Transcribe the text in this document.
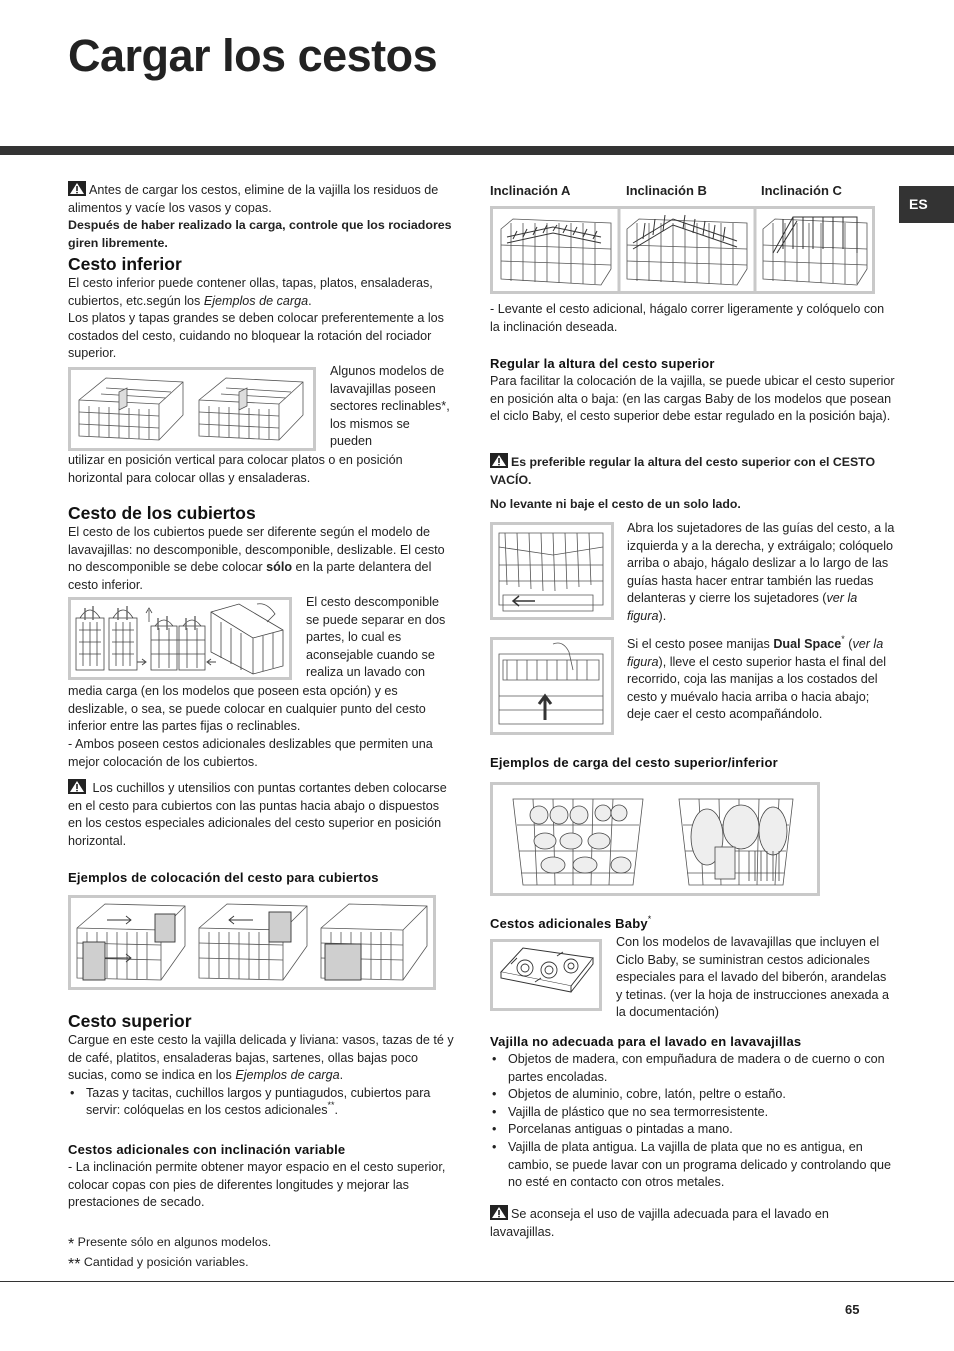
Cargar los cestos
ES

Antes de cargar los cestos, elimine de la vajilla los residuos de alimentos y vacíe los vasos y copas.

Después de haber realizado la carga, controle que los rociadores giren libremente.

Cesto inferior

El cesto inferior puede contener ollas, tapas, platos, ensaladeras, cubiertos, etc.según los Ejemplos de carga.

Los platos y tapas grandes se deben colocar preferentemente a los costados del cesto, cuidando no bloquear la rotación del rociador superior.

Algunos modelos de lavavajillas poseen sectores reclinables*, los mismos se pueden
utilizar en posición vertical para colocar platos o en posición horizontal para colocar ollas y ensaladeras.
Cesto de los cubiertos

El cesto de los cubiertos puede ser diferente según el modelo de lavavajillas: no descomponible, descomponible, deslizable. El cesto no descomponible se debe colocar sólo en la parte delantera del cesto inferior.

El cesto descomponible se puede separar en dos partes, lo cual es aconsejable cuando se realiza un lavado con
media carga (en los modelos que poseen esta opción) y es deslizable, o sea, se puede colocar en cualquier punto del cesto inferior entre las partes fijas o reclinables.
- Ambos poseen cestos adicionales deslizables que permiten una mejor colocación de los cubiertos.

Los cuchillos y utensilios con puntas cortantes deben colocarse en el cesto para cubiertos con las puntas hacia abajo o dispuestos en los cestos especiales adicionales del cesto superior en posición horizontal.

Ejemplos de colocación del cesto para cubiertos
Cesto superior

Cargue en este cesto la vajilla delicada y liviana: vasos, tazas de té y de café, platitos, ensaladeras bajas, sartenes, ollas bajas poco sucias, como se indica en los Ejemplos de carga.

• Tazas y tacitas, cuchillos largos y puntiagudos, cubiertos para servir: colóquelas en los cestos adicionales**.
Cestos adicionales con inclinación variable

- La inclinación permite obtener mayor espacio en el cesto superior, colocar copas con pies de diferentes longitudes y mejorar las prestaciones de secado.

* Presente sólo en algunos modelos.

** Cantidad y posición variables.

Inclinación A	Inclinación B	Inclinación C
- Levante el cesto adicional, hágalo correr ligeramente y colóquelo con la inclinación deseada.
Regular la altura del cesto superior

Para facilitar la colocación de la vajilla, se puede ubicar el cesto superior en posición alta o baja: (en las cargas Baby de los modelos que posean el ciclo Baby, el cesto superior debe estar regulado en la posición baja).

Es preferible regular la altura del cesto superior con el CESTO VACÍO.

No levante ni baje el cesto de un solo lado.
Abra los sujetadores de las guías del cesto, a la izquierda y a la derecha, y extráigalo; colóquelo arriba o abajo, hágalo deslizar a lo largo de las guías hasta hacer entrar también las ruedas delanteras y cierre los sujetadores (ver la figura).
Si el cesto posee manijas Dual Space* (ver la figura), lleve el cesto superior hasta el final del recorrido, coja las manijas a los costados del cesto y muévalo hacia arriba o hacia abajo; deje caer el cesto acompañándolo.
Ejemplos de carga del cesto superior/inferior
Cestos adicionales Baby*
Con los modelos de lavavajillas que incluyen el Ciclo Baby, se suministran cestos adicionales especiales para el lavado del biberón, arandelas y tetinas. (ver la hoja de instrucciones anexada a la documentación)
Vajilla no adecuada para el lavado en lavavajillas
• Objetos de madera, con empuñadura de madera o de cuerno o con partes encoladas.
• Objetos de aluminio, cobre, latón, peltre o estaño.
• Vajilla de plástico que no sea termorresistente.
• Porcelanas antiguas o pintadas a mano.
• Vajilla de plata antigua. La vajilla de plata que no es antigua, en cambio, se puede lavar con un programa delicado y controlando que no esté en contacto con otros metales.

Se aconseja el uso de vajilla adecuada para el lavado en lavavajillas.

65
